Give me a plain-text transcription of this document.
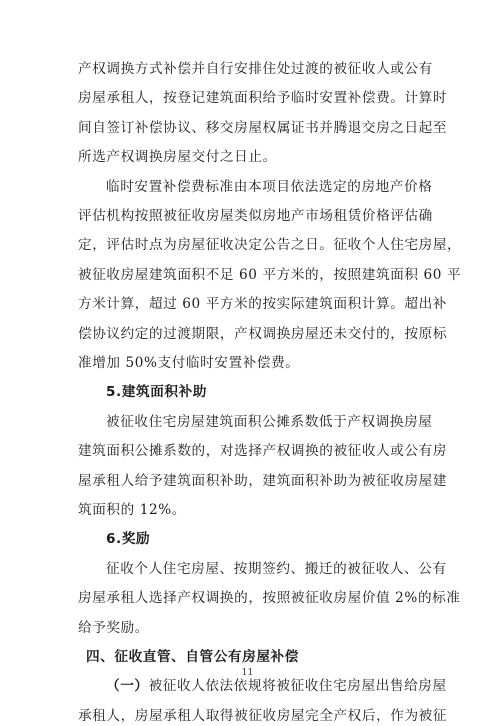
产权调换方式补偿并自行安排住处过渡的被征收人或公有
房屋承租人，按登记建筑面积给予临时安置补偿费。计算时
间自签订补偿协议、移交房屋权属证书并腾退交房之日起至
所选产权调换房屋交付之日止。
临时安置补偿费标准由本项目依法选定的房地产价格
评估机构按照被征收房屋类似房地产市场租赁价格评估确
定，评估时点为房屋征收决定公告之日。征收个人住宅房屋，
被征收房屋建筑面积不足 60 平方米的，按照建筑面积 60 平
方米计算，超过 60 平方米的按实际建筑面积计算。超出补
偿协议约定的过渡期限，产权调换房屋还未交付的，按原标
准增加 50%支付临时安置补偿费。
5.建筑面积补助
被征收住宅房屋建筑面积公摊系数低于产权调换房屋
建筑面积公摊系数的，对选择产权调换的被征收人或公有房
屋承租人给予建筑面积补助，建筑面积补助为被征收房屋建
筑面积的 12%。
6.奖励
11
征收个人住宅房屋、按期签约、搬迁的被征收人、公有
房屋承租人选择产权调换的，按照被征收房屋价值 2%的标准
给予奖励。
四、征收直管、自管公有房屋补偿
（一）被征收人依法依规将被征收住宅房屋出售给房屋
承租人，房屋承租人取得被征收房屋完全产权后，作为被征
